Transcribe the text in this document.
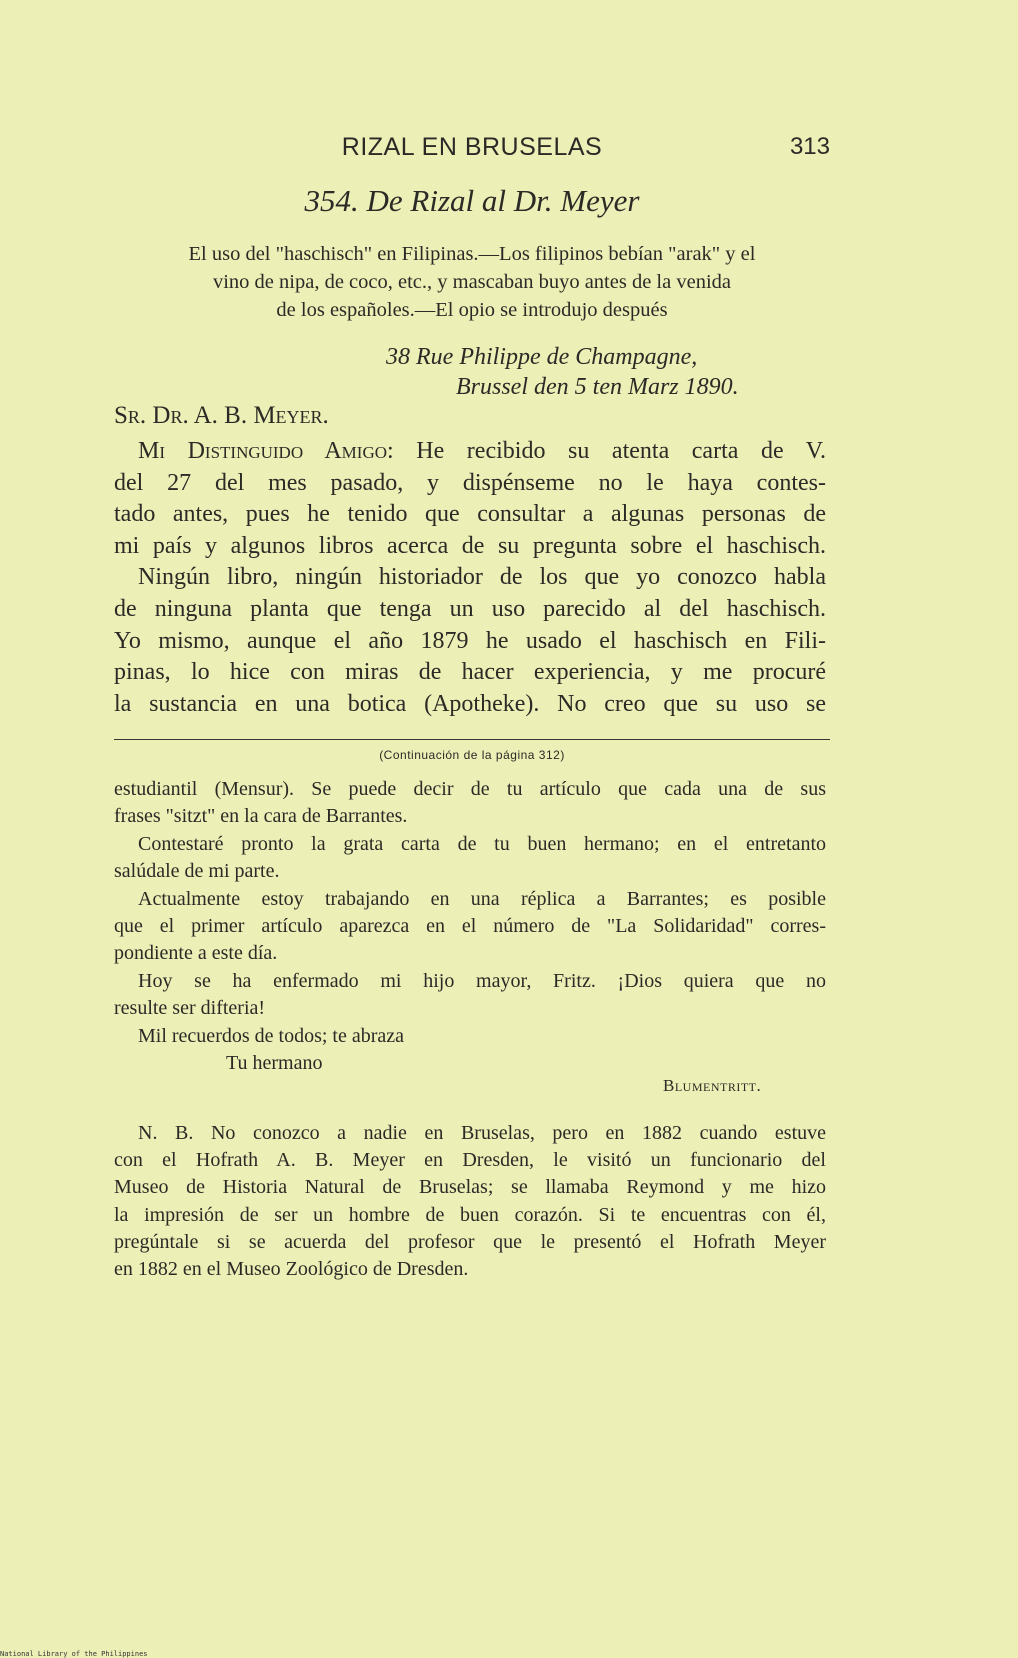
RIZAL EN BRUSELAS	313
354. De Rizal al Dr. Meyer
El uso del "haschisch" en Filipinas.—Los filipinos bebían "arak" y el
vino de nipa, de coco, etc., y mascaban buyo antes de la venida
de los españoles.—El opio se introdujo después
38 Rue Philippe de Champagne,
Brussel den 5 ten Marz 1890.
Sr. Dr. A. B. Meyer.
Mi Distinguido Amigo: He recibido su atenta carta de V.
del 27 del mes pasado, y dispénseme no le haya contes-
tado antes, pues he tenido que consultar a algunas personas de
mi país y algunos libros acerca de su pregunta sobre el haschisch.
Ningún libro, ningún historiador de los que yo conozco habla
de ninguna planta que tenga un uso parecido al del haschisch.
Yo mismo, aunque el año 1879 he usado el haschisch en Fili-
pinas, lo hice con miras de hacer experiencia, y me procuré
la sustancia en una botica (Apotheke). No creo que su uso se
(Continuación de la página 312)
estudiantil (Mensur). Se puede decir de tu artículo que cada una de sus
frases "sitzt" en la cara de Barrantes.
Contestaré pronto la grata carta de tu buen hermano; en el entretanto
salúdale de mi parte.
Actualmente estoy trabajando en una réplica a Barrantes; es posible
que el primer artículo aparezca en el número de "La Solidaridad" corres-
pondiente a este día.
Hoy se ha enfermado mi hijo mayor, Fritz. ¡Dios quiera que no
resulte ser difteria!
Mil recuerdos de todos; te abraza
Tu hermano
Blumentritt.
N. B. No conozco a nadie en Bruselas, pero en 1882 cuando estuve
con el Hofrath A. B. Meyer en Dresden, le visitó un funcionario del
Museo de Historia Natural de Bruselas; se llamaba Reymond y me hizo
la impresión de ser un hombre de buen corazón. Si te encuentras con él,
pregúntale si se acuerda del profesor que le presentó el Hofrath Meyer
en 1882 en el Museo Zoológico de Dresden.
National Library of the Philippines
